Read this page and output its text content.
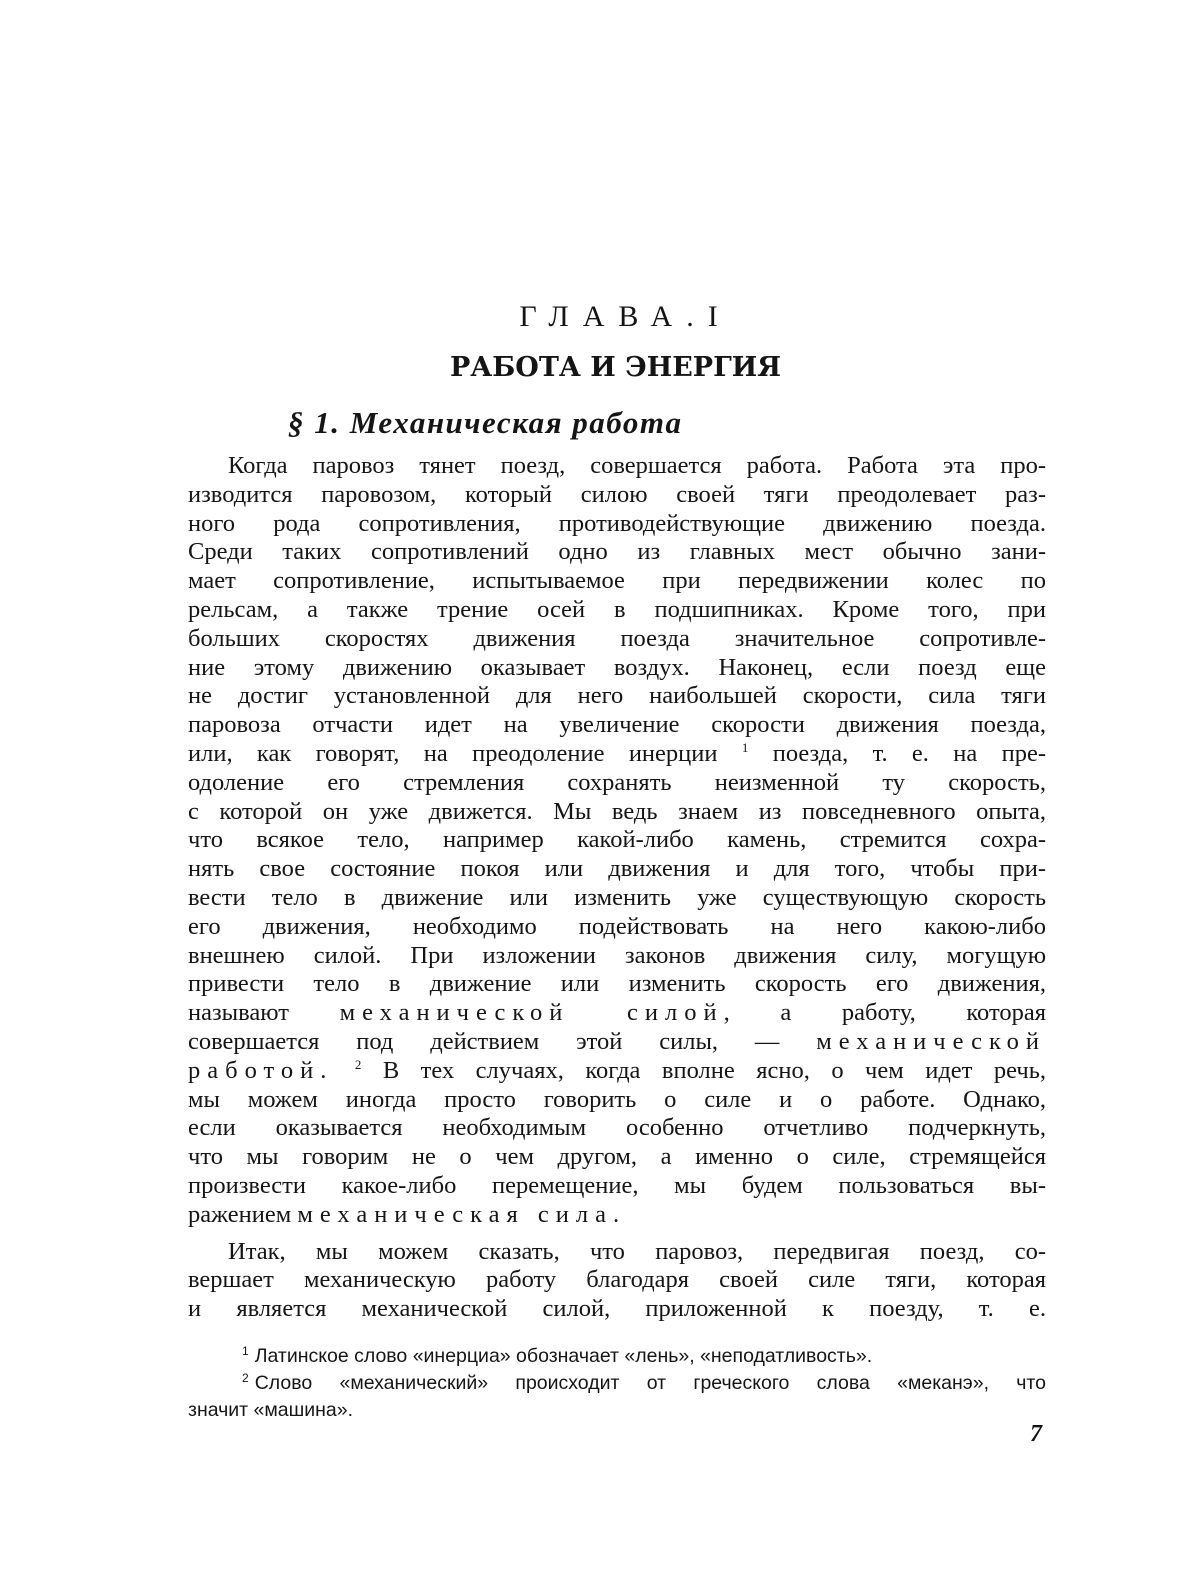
ГЛАВА.I
РАБОТА И ЭНЕРГИЯ
§ 1. Механическая работа
Когда паровоз тянет поезд, совершается работа. Работа эта про-
изводится паровозом, который силою своей тяги преодолевает раз-
ного рода сопротивления, противодействующие движению поезда.
Среди таких сопротивлений одно из главных мест обычно зани-
мает сопротивление, испытываемое при передвижении колес по
рельсам, а также трение осей в подшипниках. Кроме того, при
больших скоростях движения поезда значительное сопротивле-
ние этому движению оказывает воздух. Наконец, если поезд еще
не достиг установленной для него наибольшей скорости, сила тяги
паровоза отчасти идет на увеличение скорости движения поезда,
или, как говорят, на преодоление инерции $^1$ поезда, т. е. на пре-
одоление его стремления сохранять неизменной ту скорость,
с которой он уже движется. Мы ведь знаем из повседневного опыта,
что всякое тело, например какой-либо камень, стремится сохра-
нять свое состояние покоя или движения и для того, чтобы при-
вести тело в движение или изменить уже существующую скорость
его движения, необходимо подействовать на него какою-либо
внешнею силой. При изложении законов движения силу, могущую
привести тело в движение или изменить скорость его движения,
называют механической силой, а работу, которая
совершается под действием этой силы, — механической
работой. $^2$ В тех случаях, когда вполне ясно, о чем идет речь,
мы можем иногда просто говорить о силе и о работе. Однако,
если оказывается необходимым особенно отчетливо подчеркнуть,
что мы говорим не о чем другом, а именно о силе, стремящейся
произвести какое-либо перемещение, мы будем пользоваться вы-
ражением механическая сила.
Итак, мы можем сказать, что паровоз, передвигая поезд, со-
вершает механическую работу благодаря своей силе тяги, которая
и является механической силой, приложенной к поезду, т. е.
$^1$ Латинское слово «инерциа» обозначает «лень», «неподатливость».
$^2$ Слово «механический» происходит от греческого слова «меканэ», что
значит «машина».
7
